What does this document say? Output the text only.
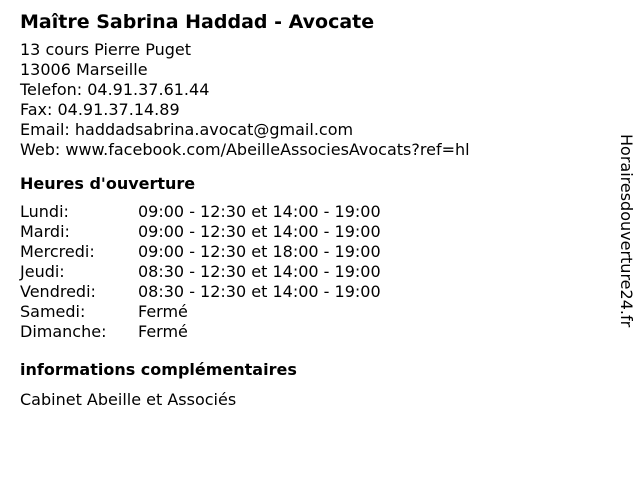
Maître Sabrina Haddad - Avocate
13 cours Pierre Puget
13006 Marseille
Telefon: 04.91.37.61.44
Fax: 04.91.37.14.89
Email: haddadsabrina.avocat@gmail.com
Web: www.facebook.com/AbeilleAssociesAvocats?ref=hl
Heures d'ouverture
Lundi:	09:00 - 12:30 et 14:00 - 19:00
Mardi:	09:00 - 12:30 et 14:00 - 19:00
Mercredi:	09:00 - 12:30 et 18:00 - 19:00
Jeudi:	08:30 - 12:30 et 14:00 - 19:00
Vendredi:	08:30 - 12:30 et 14:00 - 19:00
Samedi:	Fermé
Dimanche:	Fermé
informations complémentaires
Cabinet Abeille et Associés
Horairesdouverture24.fr
